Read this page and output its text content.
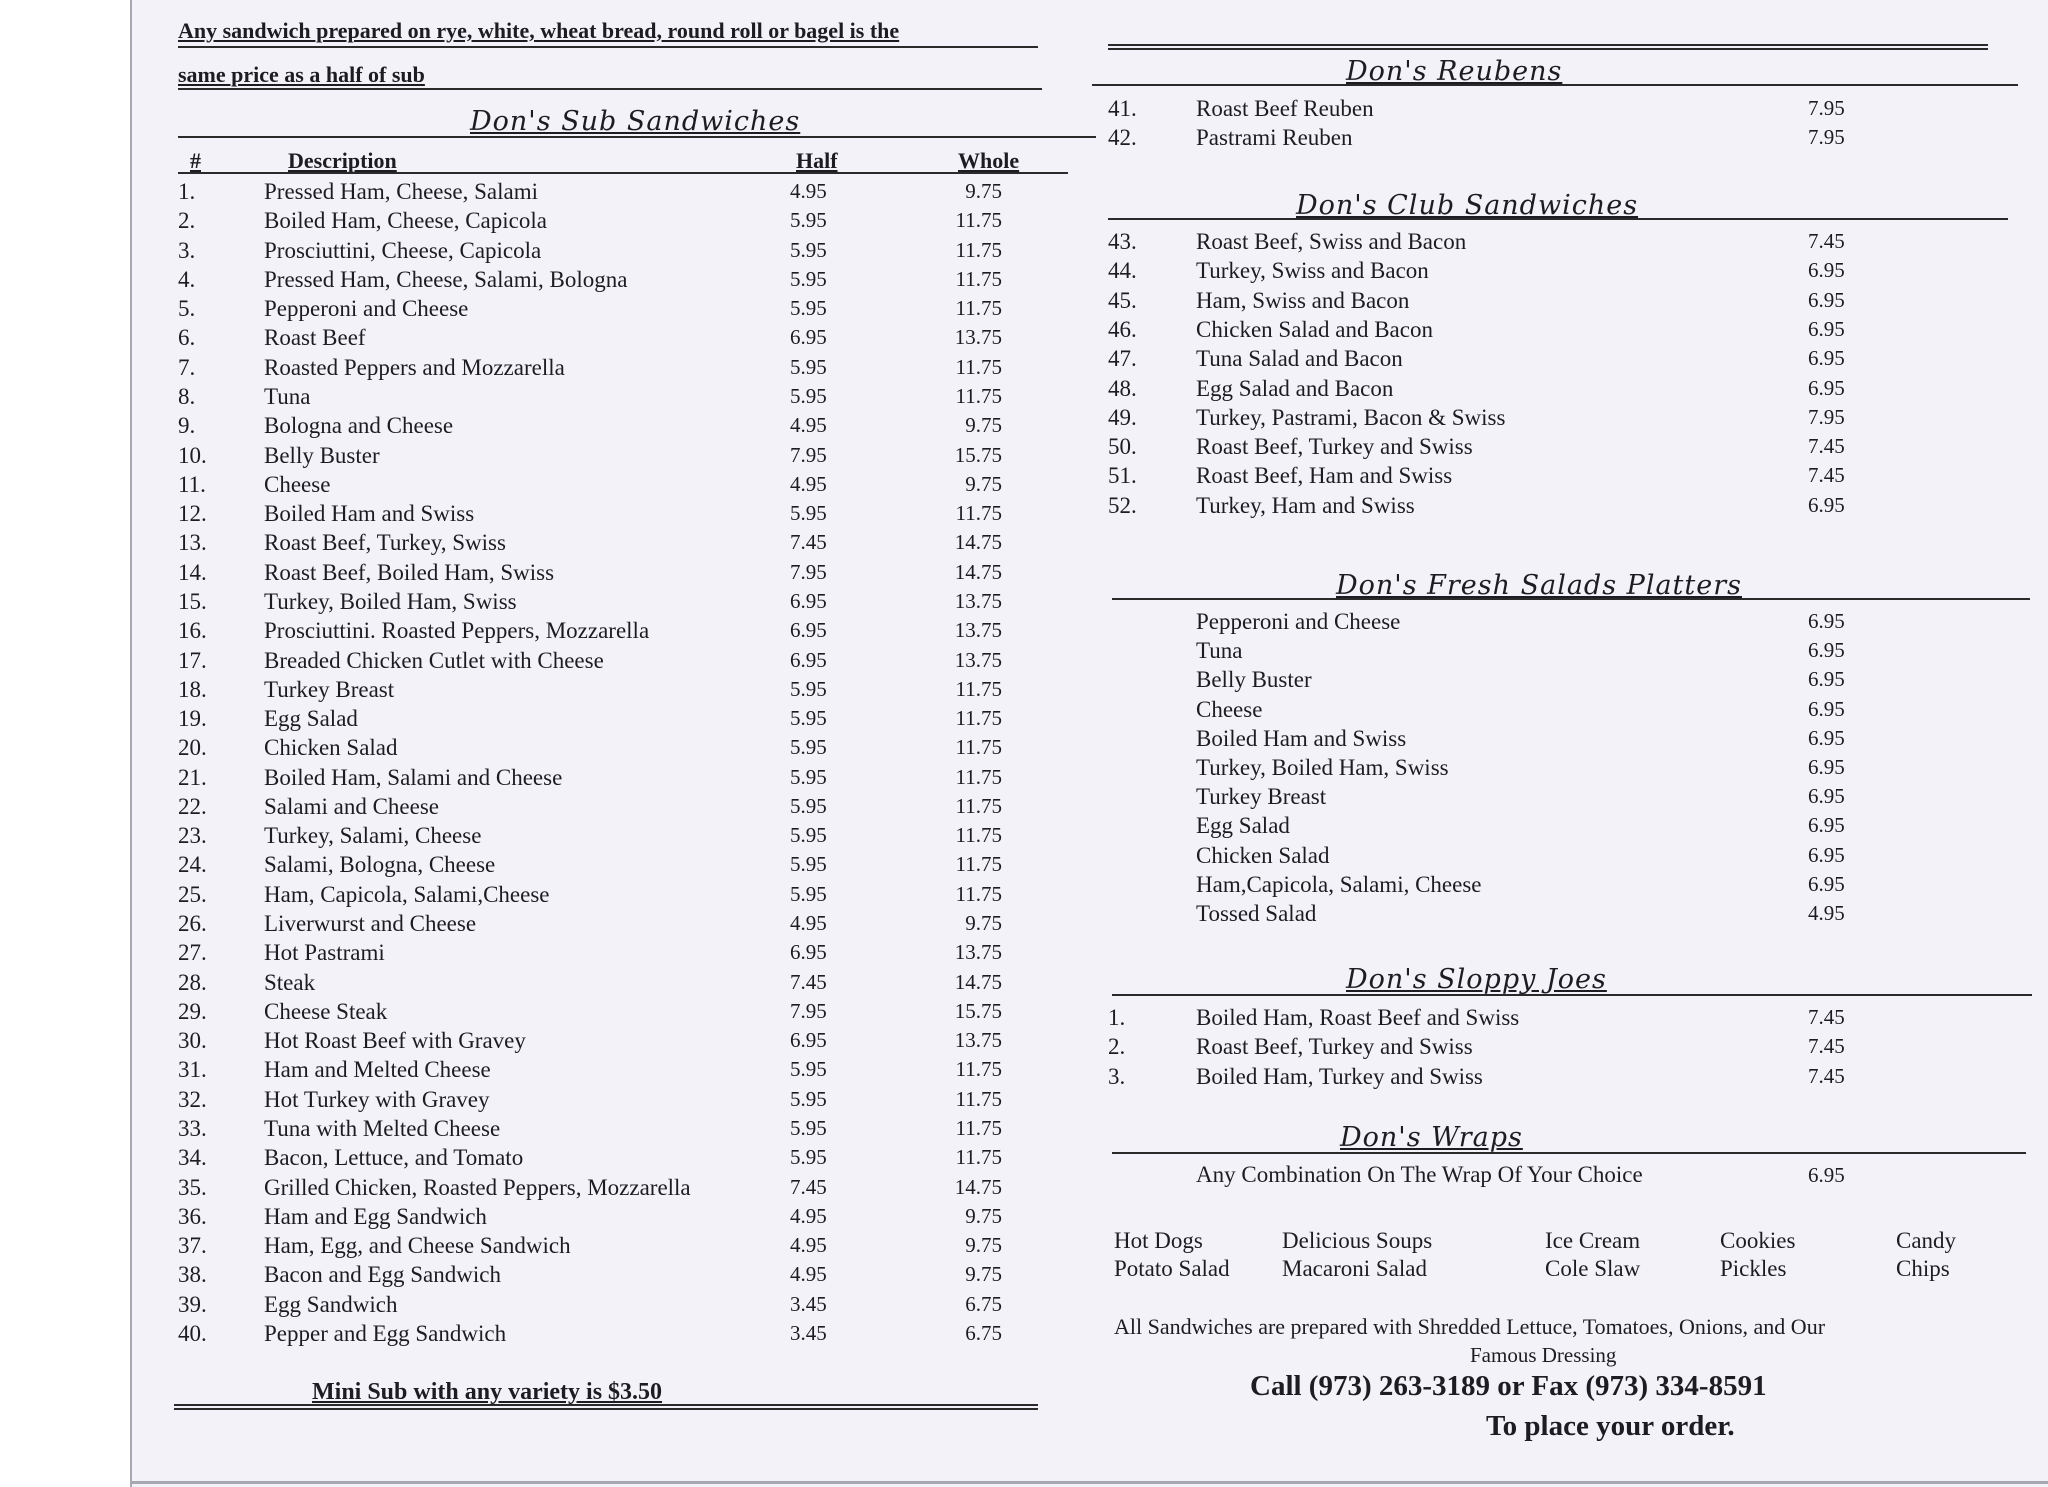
Any sandwich prepared on rye, white, wheat bread, round roll or bagel is the
same price as a half of sub
Don's Sub Sandwiches
#	Description	Half	Whole
1.	Pressed Ham, Cheese, Salami	4.95	9.75
2.	Boiled Ham, Cheese, Capicola	5.95	11.75
3.	Prosciuttini, Cheese, Capicola	5.95	11.75
4.	Pressed Ham, Cheese, Salami, Bologna	5.95	11.75
5.	Pepperoni and Cheese	5.95	11.75
6.	Roast Beef	6.95	13.75
7.	Roasted Peppers and Mozzarella	5.95	11.75
8.	Tuna	5.95	11.75
9.	Bologna and Cheese	4.95	9.75
10. Belly Buster	7.95	15.75
11.	Cheese	4.95	9.75
12. Boiled Ham and Swiss	5.95	11.75
13. Roast Beef, Turkey, Swiss	7.45	14.75
14. Roast Beef, Boiled Ham, Swiss	7.95	14.75
15. Turkey, Boiled Ham, Swiss	6.95	13.75
16. Prosciuttini. Roasted Peppers, Mozzarella	6.95	13.75
17. Breaded Chicken Cutlet with Cheese	6.95	13.75
18. Turkey Breast	5.95	11.75
19. Egg Salad	5.95	11.75
20. Chicken Salad	5.95	11.75
21. Boiled Ham, Salami and Cheese	5.95	11.75
22. Salami and Cheese	5.95	11.75
23. Turkey, Salami, Cheese	5.95	11.75
24. Salami, Bologna, Cheese	5.95	11.75
25. Ham, Capicola, Salami,Cheese	5.95	11.75
26. Liverwurst and Cheese	4.95	9.75
27. Hot Pastrami	6.95	13.75
28. Steak	7.45	14.75
29. Cheese Steak	7.95	15.75
30. Hot Roast Beef with Gravey	6.95	13.75
31. Ham and Melted Cheese	5.95	11.75
32. Hot Turkey with Gravey	5.95	11.75
33. Tuna with Melted Cheese	5.95	11.75
34. Bacon, Lettuce, and Tomato	5.95	11.75
35. Grilled Chicken, Roasted Peppers, Mozzarella	7.45	14.75
36. Ham and Egg Sandwich	4.95	9.75
37. Ham, Egg, and Cheese Sandwich	4.95	9.75
38. Bacon and Egg Sandwich	4.95	9.75
39. Egg Sandwich	3.45	6.75
40. Pepper and Egg Sandwich	3.45	6.75
Mini Sub with any variety is $3.50
Don's Reubens
41.	Roast Beef Reuben	7.95
42.	Pastrami Reuben	7.95
Don's Club Sandwiches
43.	Roast Beef, Swiss and Bacon	7.45
44.	Turkey, Swiss and Bacon	6.95
45.	Ham, Swiss and Bacon	6.95
46.	Chicken Salad and Bacon	6.95
47.	Tuna Salad and Bacon	6.95
48.	Egg Salad and Bacon	6.95
49.	Turkey, Pastrami, Bacon & Swiss	7.95
50.	Roast Beef, Turkey and Swiss	7.45
51.	Roast Beef, Ham and Swiss	7.45
52.	Turkey, Ham and Swiss	6.95
Don's Fresh Salads Platters
Pepperoni and Cheese	6.95
Tuna	6.95
Belly Buster	6.95
Cheese	6.95
Boiled Ham and Swiss	6.95
Turkey, Boiled Ham, Swiss	6.95
Turkey Breast	6.95
Egg Salad	6.95
Chicken Salad	6.95
Ham,Capicola, Salami, Cheese	6.95
Tossed Salad	4.95
Don's Sloppy Joes
1.	Boiled Ham, Roast Beef and Swiss	7.45
2.	Roast Beef, Turkey and Swiss	7.45
3.	Boiled Ham, Turkey and Swiss	7.45
Don's Wraps
Any Combination On The Wrap Of Your Choice	6.95
Hot Dogs
Potato Salad
Delicious Soups
Macaroni Salad
Ice Cream
Cole Slaw
Cookies
Pickles
Candy
Chips
All Sandwiches are prepared with Shredded Lettuce, Tomatoes, Onions, and Our
Famous Dressing
Call (973) 263-3189 or Fax (973) 334-8591
To place your order.
